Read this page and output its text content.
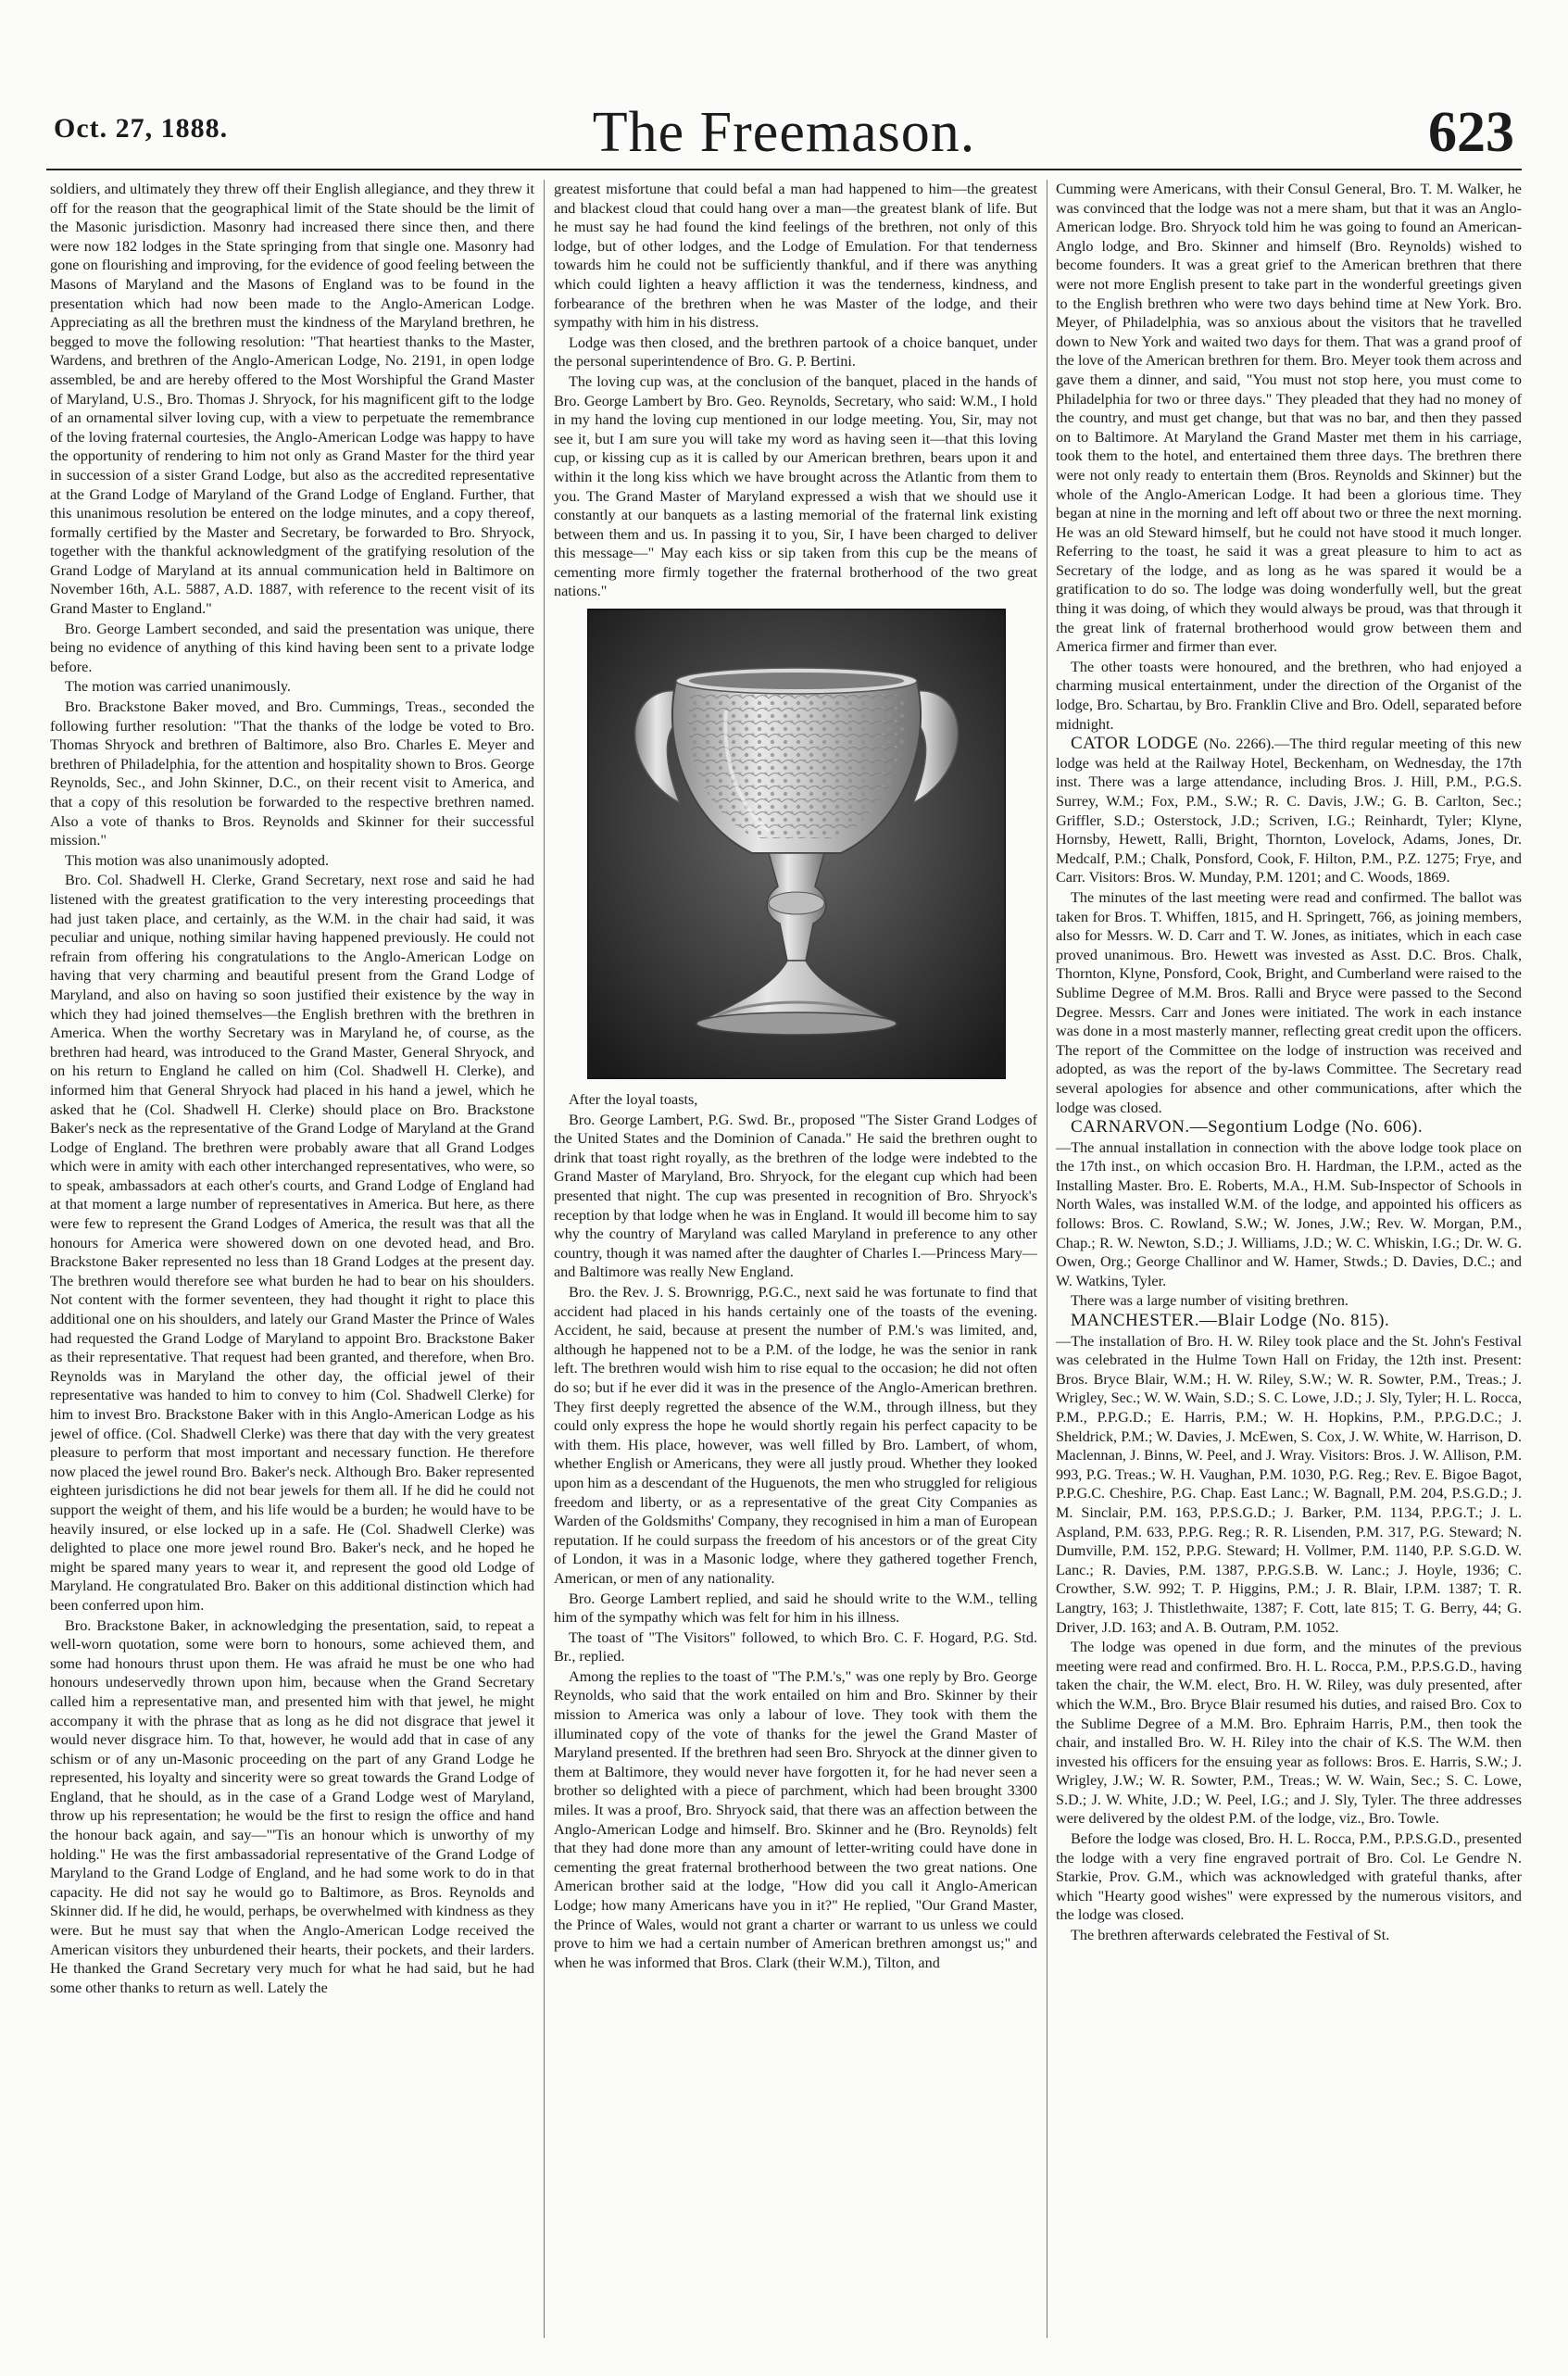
Oct. 27, 1888.	The Freemason.	623

soldiers, and ultimately they threw off their English allegiance, and they threw it off for the reason that the geographical limit of the State should be the limit of the Masonic jurisdiction. Masonry had increased there since then, and there were now 182 lodges in the State springing from that single one. Masonry had gone on flourishing and improving, for the evidence of good feeling between the Masons of Maryland and the Masons of England was to be found in the presentation which had now been made to the Anglo-American Lodge. Appreciating as all the brethren must the kindness of the Maryland brethren, he begged to move the following resolution: "That heartiest thanks to the Master, Wardens, and brethren of the Anglo-American Lodge, No. 2191, in open lodge assembled, be and are hereby offered to the Most Worshipful the Grand Master of Maryland, U.S., Bro. Thomas J. Shryock, for his magnificent gift to the lodge of an ornamental silver loving cup, with a view to perpetuate the remembrance of the loving fraternal courtesies, the Anglo-American Lodge was happy to have the opportunity of rendering to him not only as Grand Master for the third year in succession of a sister Grand Lodge, but also as the accredited representative at the Grand Lodge of Maryland of the Grand Lodge of England. Further, that this unanimous resolution be entered on the lodge minutes, and a copy thereof, formally certified by the Master and Secretary, be forwarded to Bro. Shryock, together with the thankful acknowledgment of the gratifying resolution of the Grand Lodge of Maryland at its annual communication held in Baltimore on November 16th, A.L. 5887, A.D. 1887, with reference to the recent visit of its Grand Master to England."

Bro. George Lambert seconded, and said the presentation was unique, there being no evidence of anything of this kind having been sent to a private lodge before.

The motion was carried unanimously.

Bro. Brackstone Baker moved, and Bro. Cummings, Treas., seconded the following further resolution: "That the thanks of the lodge be voted to Bro. Thomas Shryock and brethren of Baltimore, also Bro. Charles E. Meyer and brethren of Philadelphia, for the attention and hospitality shown to Bros. George Reynolds, Sec., and John Skinner, D.C., on their recent visit to America, and that a copy of this resolution be forwarded to the respective brethren named. Also a vote of thanks to Bros. Reynolds and Skinner for their successful mission."

This motion was also unanimously adopted.

Bro. Col. Shadwell H. Clerke, Grand Secretary, next rose and said he had listened with the greatest gratification to the very interesting proceedings that had just taken place, and certainly, as the W.M. in the chair had said, it was peculiar and unique, nothing similar having happened previously. He could not refrain from offering his congratulations to the Anglo-American Lodge on having that very charming and beautiful present from the Grand Lodge of Maryland, and also on having so soon justified their existence by the way in which they had joined themselves—the English brethren with the brethren in America. When the worthy Secretary was in Maryland he, of course, as the brethren had heard, was introduced to the Grand Master, General Shryock, and on his return to England he called on him (Col. Shadwell H. Clerke), and informed him that General Shryock had placed in his hand a jewel, which he asked that he (Col. Shadwell H. Clerke) should place on Bro. Brackstone Baker's neck as the representative of the Grand Lodge of Maryland at the Grand Lodge of England. The brethren were probably aware that all Grand Lodges which were in amity with each other interchanged representatives, who were, so to speak, ambassadors at each other's courts, and Grand Lodge of England had at that moment a large number of representatives in America. But here, as there were few to represent the Grand Lodges of America, the result was that all the honours for America were showered down on one devoted head, and Bro. Brackstone Baker represented no less than 18 Grand Lodges at the present day. The brethren would therefore see what burden he had to bear on his shoulders. Not content with the former seventeen, they had thought it right to place this additional one on his shoulders, and lately our Grand Master the Prince of Wales had requested the Grand Lodge of Maryland to appoint Bro. Brackstone Baker as their representative. That request had been granted, and therefore, when Bro. Reynolds was in Maryland the other day, the official jewel of their representative was handed to him to convey to him (Col. Shadwell Clerke) for him to invest Bro. Brackstone Baker with in this Anglo-American Lodge as his jewel of office. (Col. Shadwell Clerke) was there that day with the very greatest pleasure to perform that most important and necessary function. He therefore now placed the jewel round Bro. Baker's neck. Although Bro. Baker represented eighteen jurisdictions he did not bear jewels for them all. If he did he could not support the weight of them, and his life would be a burden; he would have to be heavily insured, or else locked up in a safe. He (Col. Shadwell Clerke) was delighted to place one more jewel round Bro. Baker's neck, and he hoped he might be spared many years to wear it, and represent the good old Lodge of Maryland. He congratulated Bro. Baker on this additional distinction which had been conferred upon him.

Bro. Brackstone Baker, in acknowledging the presentation, said, to repeat a well-worn quotation, some were born to honours, some achieved them, and some had honours thrust upon them. He was afraid he must be one who had honours undeservedly thrown upon him, because when the Grand Secretary called him a representative man, and presented him with that jewel, he might accompany it with the phrase that as long as he did not disgrace that jewel it would never disgrace him. To that, however, he would add that in case of any schism or of any un-Masonic proceeding on the part of any Grand Lodge he represented, his loyalty and sincerity were so great towards the Grand Lodge of England, that he should, as in the case of a Grand Lodge west of Maryland, throw up his representation; he would be the first to resign the office and hand the honour back again, and say—"'Tis an honour which is unworthy of my holding." He was the first ambassadorial representative of the Grand Lodge of Maryland to the Grand Lodge of England, and he had some work to do in that capacity. He did not say he would go to Baltimore, as Bros. Reynolds and Skinner did. If he did, he would, perhaps, be overwhelmed with kindness as they were. But he must say that when the Anglo-American Lodge received the American visitors they unburdened their hearts, their pockets, and their larders. He thanked the Grand Secretary very much for what he had said, but he had some other thanks to return as well. Lately the

greatest misfortune that could befal a man had happened to him—the greatest and blackest cloud that could hang over a man—the greatest blank of life. But he must say he had found the kind feelings of the brethren, not only of this lodge, but of other lodges, and the Lodge of Emulation. For that tenderness towards him he could not be sufficiently thankful, and if there was anything which could lighten a heavy affliction it was the tenderness, kindness, and forbearance of the brethren when he was Master of the lodge, and their sympathy with him in his distress.

Lodge was then closed, and the brethren partook of a choice banquet, under the personal superintendence of Bro. G. P. Bertini.

The loving cup was, at the conclusion of the banquet, placed in the hands of Bro. George Lambert by Bro. Geo. Reynolds, Secretary, who said: W.M., I hold in my hand the loving cup mentioned in our lodge meeting. You, Sir, may not see it, but I am sure you will take my word as having seen it—that this loving cup, or kissing cup as it is called by our American brethren, bears upon it and within it the long kiss which we have brought across the Atlantic from them to you. The Grand Master of Maryland expressed a wish that we should use it constantly at our banquets as a lasting memorial of the fraternal link existing between them and us. In passing it to you, Sir, I have been charged to deliver this message—" May each kiss or sip taken from this cup be the means of cementing more firmly together the fraternal brotherhood of the two great nations."

After the loyal toasts,

Bro. George Lambert, P.G. Swd. Br., proposed "The Sister Grand Lodges of the United States and the Dominion of Canada." He said the brethren ought to drink that toast right royally, as the brethren of the lodge were indebted to the Grand Master of Maryland, Bro. Shryock, for the elegant cup which had been presented that night. The cup was presented in recognition of Bro. Shryock's reception by that lodge when he was in England. It would ill become him to say why the country of Maryland was called Maryland in preference to any other country, though it was named after the daughter of Charles I.—Princess Mary—and Baltimore was really New England.

Bro. the Rev. J. S. Brownrigg, P.G.C., next said he was fortunate to find that accident had placed in his hands certainly one of the toasts of the evening. Accident, he said, because at present the number of P.M.'s was limited, and, although he happened not to be a P.M. of the lodge, he was the senior in rank left. The brethren would wish him to rise equal to the occasion; he did not often do so; but if he ever did it was in the presence of the Anglo-American brethren. They first deeply regretted the absence of the W.M., through illness, but they could only express the hope he would shortly regain his perfect capacity to be with them. His place, however, was well filled by Bro. Lambert, of whom, whether English or Americans, they were all justly proud. Whether they looked upon him as a descendant of the Huguenots, the men who struggled for religious freedom and liberty, or as a representative of the great City Companies as Warden of the Goldsmiths' Company, they recognised in him a man of European reputation. If he could surpass the freedom of his ancestors or of the great City of London, it was in a Masonic lodge, where they gathered together French, American, or men of any nationality.

Bro. George Lambert replied, and said he should write to the W.M., telling him of the sympathy which was felt for him in his illness.

The toast of "The Visitors" followed, to which Bro. C. F. Hogard, P.G. Std. Br., replied.

Among the replies to the toast of "The P.M.'s," was one reply by Bro. George Reynolds, who said that the work entailed on him and Bro. Skinner by their mission to America was only a labour of love. They took with them the illuminated copy of the vote of thanks for the jewel the Grand Master of Maryland presented. If the brethren had seen Bro. Shryock at the dinner given to them at Baltimore, they would never have forgotten it, for he had never seen a brother so delighted with a piece of parchment, which had been brought 3300 miles. It was a proof, Bro. Shryock said, that there was an affection between the Anglo-American Lodge and himself. Bro. Skinner and he (Bro. Reynolds) felt that they had done more than any amount of letter-writing could have done in cementing the great fraternal brotherhood between the two great nations. One American brother said at the lodge, "How did you call it Anglo-American Lodge; how many Americans have you in it?" He replied, "Our Grand Master, the Prince of Wales, would not grant a charter or warrant to us unless we could prove to him we had a certain number of American brethren amongst us;" and when he was informed that Bros. Clark (their W.M.), Tilton, and

Cumming were Americans, with their Consul General, Bro. T. M. Walker, he was convinced that the lodge was not a mere sham, but that it was an Anglo-American lodge. Bro. Shryock told him he was going to found an American-Anglo lodge, and Bro. Skinner and himself (Bro. Reynolds) wished to become founders. It was a great grief to the American brethren that there were not more English present to take part in the wonderful greetings given to the English brethren who were two days behind time at New York. Bro. Meyer, of Philadelphia, was so anxious about the visitors that he travelled down to New York and waited two days for them. That was a grand proof of the love of the American brethren for them. Bro. Meyer took them across and gave them a dinner, and said, "You must not stop here, you must come to Philadelphia for two or three days." They pleaded that they had no money of the country, and must get change, but that was no bar, and then they passed on to Baltimore. At Maryland the Grand Master met them in his carriage, took them to the hotel, and entertained them three days. The brethren there were not only ready to entertain them (Bros. Reynolds and Skinner) but the whole of the Anglo-American Lodge. It had been a glorious time. They began at nine in the morning and left off about two or three the next morning. He was an old Steward himself, but he could not have stood it much longer. Referring to the toast, he said it was a great pleasure to him to act as Secretary of the lodge, and as long as he was spared it would be a gratification to do so. The lodge was doing wonderfully well, but the great thing it was doing, of which they would always be proud, was that through it the great link of fraternal brotherhood would grow between them and America firmer and firmer than ever.

The other toasts were honoured, and the brethren, who had enjoyed a charming musical entertainment, under the direction of the Organist of the lodge, Bro. Schartau, by Bro. Franklin Clive and Bro. Odell, separated before midnight.

CATOR LODGE (No. 2266).—The third regular meeting of this new lodge was held at the Railway Hotel, Beckenham, on Wednesday, the 17th inst. There was a large attendance, including Bros. J. Hill, P.M., P.G.S. Surrey, W.M.; Fox, P.M., S.W.; R. C. Davis, J.W.; G. B. Carlton, Sec.; Griffler, S.D.; Osterstock, J.D.; Scriven, I.G.; Reinhardt, Tyler; Klyne, Hornsby, Hewett, Ralli, Bright, Thornton, Lovelock, Adams, Jones, Dr. Medcalf, P.M.; Chalk, Ponsford, Cook, F. Hilton, P.M., P.Z. 1275; Frye, and Carr. Visitors: Bros. W. Munday, P.M. 1201; and C. Woods, 1869.

The minutes of the last meeting were read and confirmed. The ballot was taken for Bros. T. Whiffen, 1815, and H. Springett, 766, as joining members, also for Messrs. W. D. Carr and T. W. Jones, as initiates, which in each case proved unanimous. Bro. Hewett was invested as Asst. D.C. Bros. Chalk, Thornton, Klyne, Ponsford, Cook, Bright, and Cumberland were raised to the Sublime Degree of M.M. Bros. Ralli and Bryce were passed to the Second Degree. Messrs. Carr and Jones were initiated. The work in each instance was done in a most masterly manner, reflecting great credit upon the officers. The report of the Committee on the lodge of instruction was received and adopted, as was the report of the by-laws Committee. The Secretary read several apologies for absence and other communications, after which the lodge was closed.

CARNARVON.—Segontium Lodge (No. 606).

—The annual installation in connection with the above lodge took place on the 17th inst., on which occasion Bro. H. Hardman, the I.P.M., acted as the Installing Master. Bro. E. Roberts, M.A., H.M. Sub-Inspector of Schools in North Wales, was installed W.M. of the lodge, and appointed his officers as follows: Bros. C. Rowland, S.W.; W. Jones, J.W.; Rev. W. Morgan, P.M., Chap.; R. W. Newton, S.D.; J. Williams, J.D.; W. C. Whiskin, I.G.; Dr. W. G. Owen, Org.; George Challinor and W. Hamer, Stwds.; D. Davies, D.C.; and W. Watkins, Tyler.

There was a large number of visiting brethren.

MANCHESTER.—Blair Lodge (No. 815).

—The installation of Bro. H. W. Riley took place and the St. John's Festival was celebrated in the Hulme Town Hall on Friday, the 12th inst. Present: Bros. Bryce Blair, W.M.; H. W. Riley, S.W.; W. R. Sowter, P.M., Treas.; J. Wrigley, Sec.; W. W. Wain, S.D.; S. C. Lowe, J.D.; J. Sly, Tyler; H. L. Rocca, P.M., P.P.G.D.; E. Harris, P.M.; W. H. Hopkins, P.M., P.P.G.D.C.; J. Sheldrick, P.M.; W. Davies, J. McEwen, S. Cox, J. W. White, W. Harrison, D. Maclennan, J. Binns, W. Peel, and J. Wray. Visitors: Bros. J. W. Allison, P.M. 993, P.G. Treas.; W. H. Vaughan, P.M. 1030, P.G. Reg.; Rev. E. Bigoe Bagot, P.P.G.C. Cheshire, P.G. Chap. East Lanc.; W. Bagnall, P.M. 204, P.S.G.D.; J. M. Sinclair, P.M. 163, P.P.S.G.D.; J. Barker, P.M. 1134, P.P.G.T.; J. L. Aspland, P.M. 633, P.P.G. Reg.; R. R. Lisenden, P.M. 317, P.G. Steward; N. Dumville, P.M. 152, P.P.G. Steward; H. Vollmer, P.M. 1140, P.P. S.G.D. W. Lanc.; R. Davies, P.M. 1387, P.P.G.S.B. W. Lanc.; J. Hoyle, 1936; C. Crowther, S.W. 992; T. P. Higgins, P.M.; J. R. Blair, I.P.M. 1387; T. R. Langtry, 163; J. Thistlethwaite, 1387; F. Cott, late 815; T. G. Berry, 44; G. Driver, J.D. 163; and A. B. Outram, P.M. 1052.

The lodge was opened in due form, and the minutes of the previous meeting were read and confirmed. Bro. H. L. Rocca, P.M., P.P.S.G.D., having taken the chair, the W.M. elect, Bro. H. W. Riley, was duly presented, after which the W.M., Bro. Bryce Blair resumed his duties, and raised Bro. Cox to the Sublime Degree of a M.M. Bro. Ephraim Harris, P.M., then took the chair, and installed Bro. W. H. Riley into the chair of K.S. The W.M. then invested his officers for the ensuing year as follows: Bros. E. Harris, S.W.; J. Wrigley, J.W.; W. R. Sowter, P.M., Treas.; W. W. Wain, Sec.; S. C. Lowe, S.D.; J. W. White, J.D.; W. Peel, I.G.; and J. Sly, Tyler. The three addresses were delivered by the oldest P.M. of the lodge, viz., Bro. Towle.

Before the lodge was closed, Bro. H. L. Rocca, P.M., P.P.S.G.D., presented the lodge with a very fine engraved portrait of Bro. Col. Le Gendre N. Starkie, Prov. G.M., which was acknowledged with grateful thanks, after which "Hearty good wishes" were expressed by the numerous visitors, and the lodge was closed.

The brethren afterwards celebrated the Festival of St.
